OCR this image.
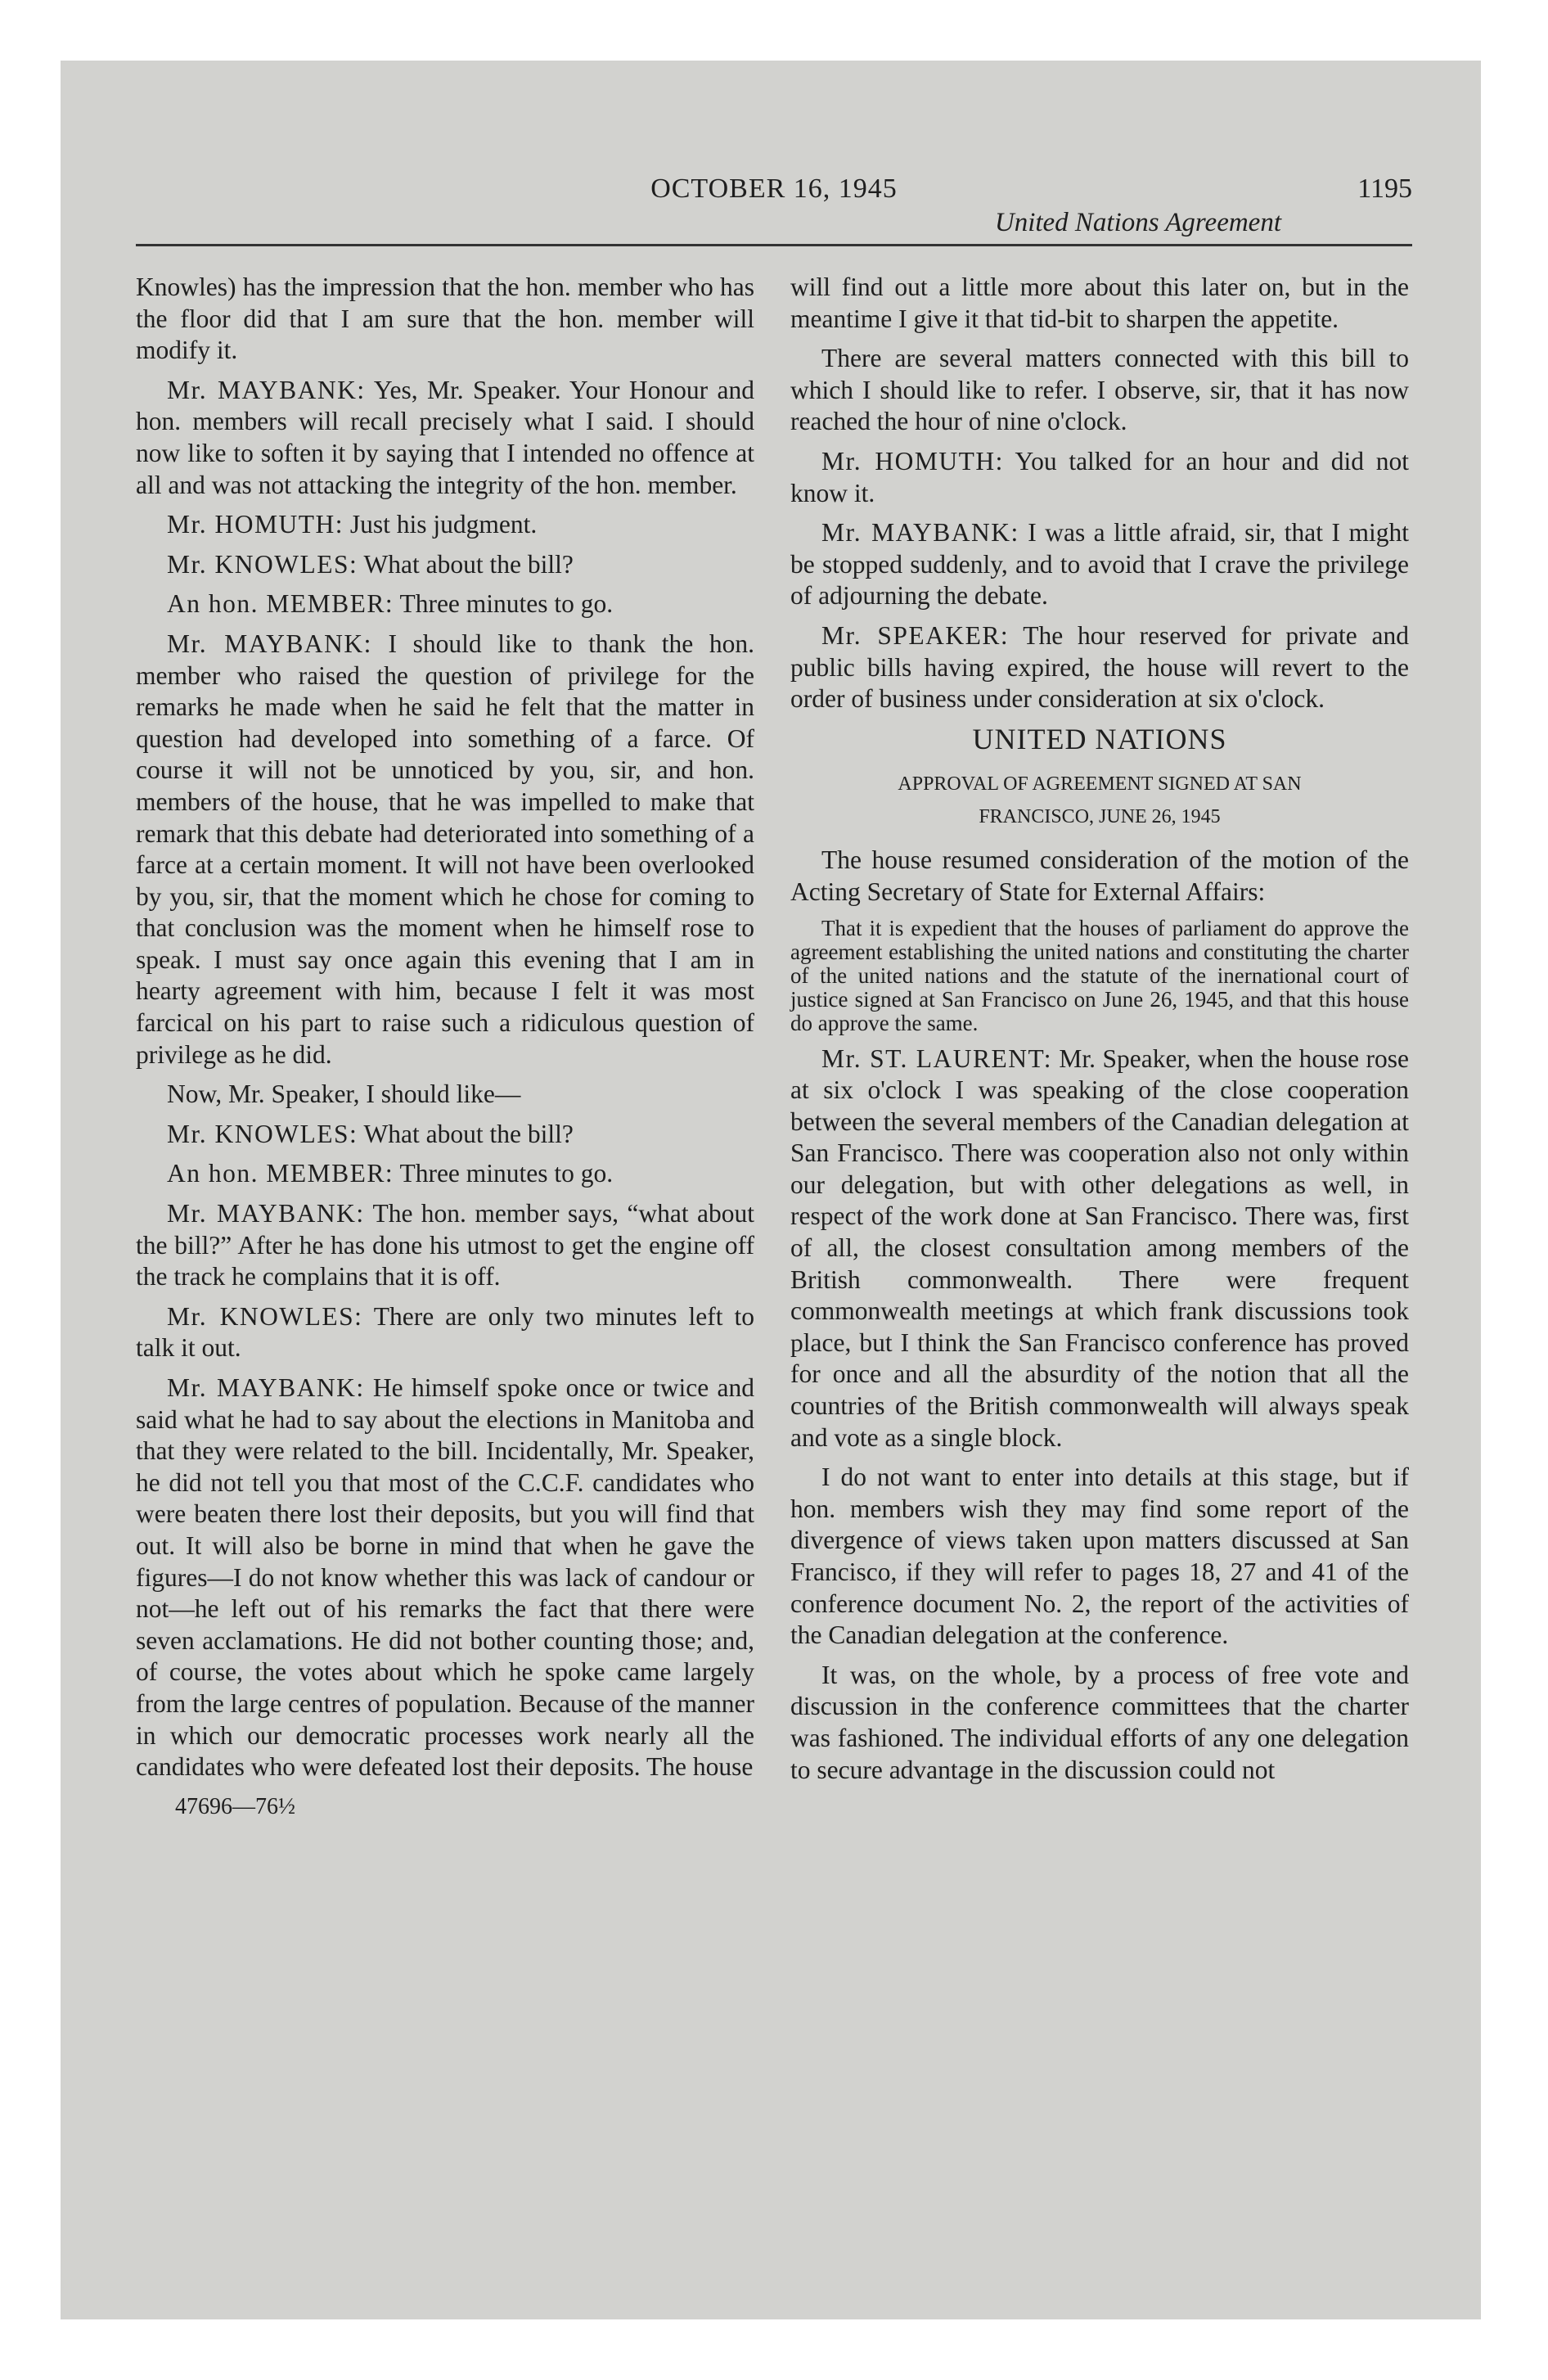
OCTOBER 16, 1945	1195
United Nations Agreement

Knowles) has the impression that the hon. member who has the floor did that I am sure that the hon. member will modify it.

Mr. MAYBANK: Yes, Mr. Speaker. Your Honour and hon. members will recall precisely what I said. I should now like to soften it by saying that I intended no offence at all and was not attacking the integrity of the hon. member.

Mr. HOMUTH: Just his judgment.

Mr. KNOWLES: What about the bill?

An hon. MEMBER: Three minutes to go.

Mr. MAYBANK: I should like to thank the hon. member who raised the question of privilege for the remarks he made when he said he felt that the matter in question had developed into something of a farce. Of course it will not be unnoticed by you, sir, and hon. members of the house, that he was impelled to make that remark that this debate had deteriorated into something of a farce at a certain moment. It will not have been overlooked by you, sir, that the moment which he chose for coming to that conclusion was the moment when he himself rose to speak. I must say once again this evening that I am in hearty agreement with him, because I felt it was most farcical on his part to raise such a ridiculous question of privilege as he did.

Now, Mr. Speaker, I should like—

Mr. KNOWLES: What about the bill?

An hon. MEMBER: Three minutes to go.

Mr. MAYBANK: The hon. member says, “what about the bill?” After he has done his utmost to get the engine off the track he complains that it is off.

Mr. KNOWLES: There are only two minutes left to talk it out.

Mr. MAYBANK: He himself spoke once or twice and said what he had to say about the elections in Manitoba and that they were related to the bill. Incidentally, Mr. Speaker, he did not tell you that most of the C.C.F. candidates who were beaten there lost their deposits, but you will find that out. It will also be borne in mind that when he gave the figures—I do not know whether this was lack of candour or not—he left out of his remarks the fact that there were seven acclamations. He did not bother counting those; and, of course, the votes about which he spoke came largely from the large centres of population. Because of the manner in which our democratic processes work nearly all the candidates who were defeated lost their deposits. The house

47696—76½

will find out a little more about this later on, but in the meantime I give it that tid-bit to sharpen the appetite.

There are several matters connected with this bill to which I should like to refer. I observe, sir, that it has now reached the hour of nine o'clock.

Mr. HOMUTH: You talked for an hour and did not know it.

Mr. MAYBANK: I was a little afraid, sir, that I might be stopped suddenly, and to avoid that I crave the privilege of adjourning the debate.

Mr. SPEAKER: The hour reserved for private and public bills having expired, the house will revert to the order of business under consideration at six o'clock.

UNITED NATIONS
APPROVAL OF AGREEMENT SIGNED AT SAN
FRANCISCO, JUNE 26, 1945

The house resumed consideration of the motion of the Acting Secretary of State for External Affairs:

That it is expedient that the houses of parliament do approve the agreement establishing the united nations and constituting the charter of the united nations and the statute of the inernational court of justice signed at San Francisco on June 26, 1945, and that this house do approve the same.

Mr. ST. LAURENT: Mr. Speaker, when the house rose at six o'clock I was speaking of the close cooperation between the several members of the Canadian delegation at San Francisco. There was cooperation also not only within our delegation, but with other delegations as well, in respect of the work done at San Francisco. There was, first of all, the closest consultation among members of the British commonwealth. There were frequent commonwealth meetings at which frank discussions took place, but I think the San Francisco conference has proved for once and all the absurdity of the notion that all the countries of the British commonwealth will always speak and vote as a single block.

I do not want to enter into details at this stage, but if hon. members wish they may find some report of the divergence of views taken upon matters discussed at San Francisco, if they will refer to pages 18, 27 and 41 of the conference document No. 2, the report of the activities of the Canadian delegation at the conference.

It was, on the whole, by a process of free vote and discussion in the conference committees that the charter was fashioned. The individual efforts of any one delegation to secure advantage in the discussion could not
